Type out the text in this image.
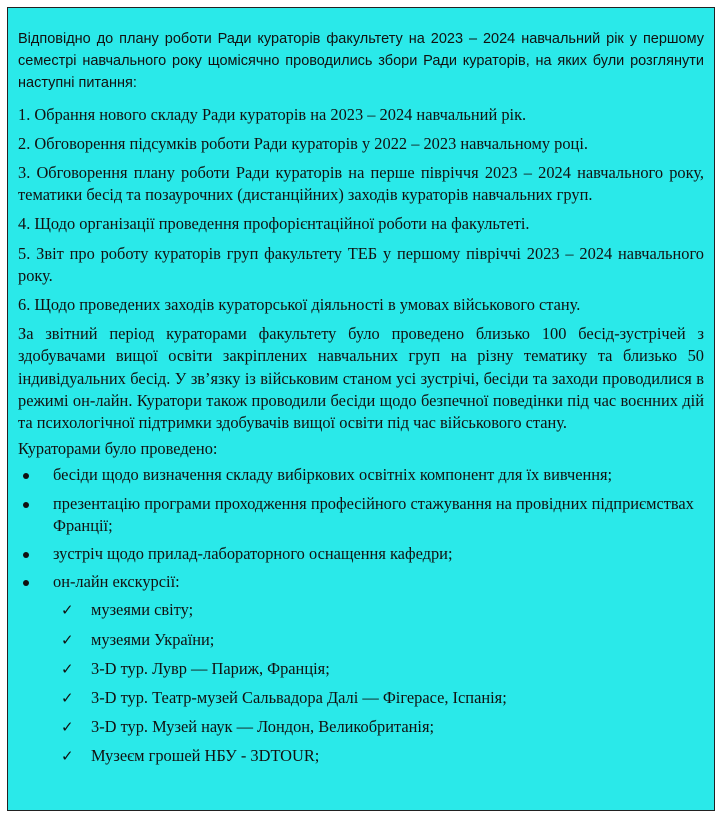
Відповідно до плану роботи Ради кураторів факультету на 2023 – 2024 навчальний рік у першому семестрі навчального року щомісячно проводились збори Ради кураторів, на яких були розглянути наступні питання:

1. Обрання нового складу Ради кураторів на 2023 – 2024 навчальний рік.

2. Обговорення підсумків роботи Ради кураторів у 2022 – 2023 навчальному році.

3. Обговорення плану роботи Ради кураторів на перше півріччя 2023 – 2024 навчального року, тематики бесід та позаурочних (дистанційних) заходів кураторів навчальних груп.

4. Щодо організації проведення профорієнтаційної роботи на факультеті.

5. Звіт про роботу кураторів груп факультету ТЕБ у першому півріччі 2023 – 2024 навчального року.

6. Щодо проведених заходів кураторської діяльності в умовах військового стану.

За звітний період кураторами факультету було проведено близько 100 бесід-зустрічей з здобувачами вищої освіти закріплених навчальних груп на різну тематику та близько 50 індивідуальних бесід. У зв’язку із військовим станом усі зустрічі, бесіди та заходи проводилися в режимі он-лайн. Куратори також проводили бесіди щодо безпечної поведінки під час воєнних дій та психологічної підтримки здобувачів вищої освіти під час військового стану.

Кураторами було проведено:

бесіди щодо визначення складу вибіркових освітніх компонент для їх вивчення;
презентацію програми проходження професійного стажування на провідних підприємствах Франції;
зустріч щодо прилад-лабораторного оснащення кафедри;
он-лайн екскурсії:
✓ музеями світу;
✓ музеями України;
✓ 3-D тур. Лувр — Париж, Франція;
✓ 3-D тур. Театр-музей Сальвадора Далі — Фігерасе, Іспанія;
✓ 3-D тур. Музей наук — Лондон, Великобританія;
✓ Музеєм грошей НБУ - 3DTOUR;
